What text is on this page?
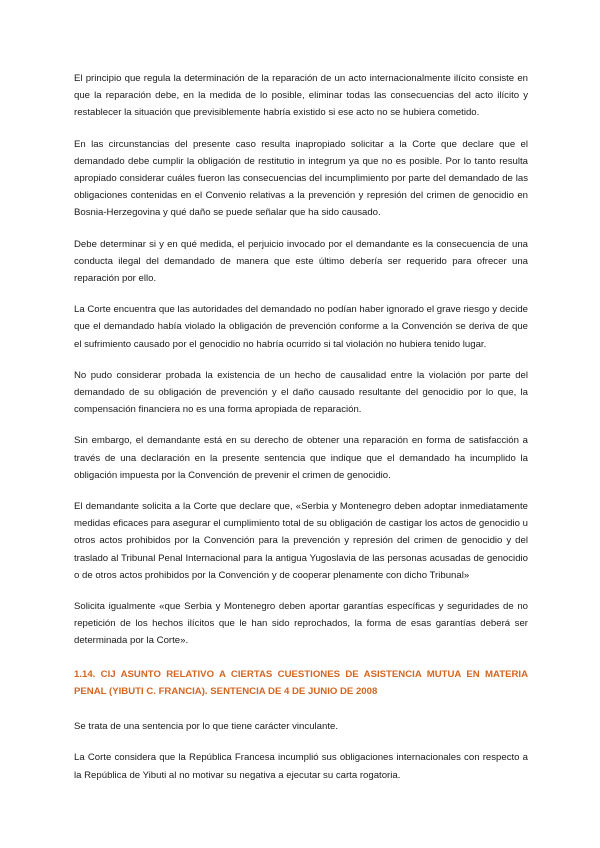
El principio que regula la determinación de la reparación de un acto internacionalmente ilícito consiste en que la reparación debe, en la medida de lo posible, eliminar todas las consecuencias del acto ilícito y restablecer la situación que previsiblemente habría existido si ese acto no se hubiera cometido.

En las circunstancias del presente caso resulta inapropiado solicitar a la Corte que declare que el demandado debe cumplir la obligación de restitutio in integrum ya que no es posible. Por lo tanto resulta apropiado considerar cuáles fueron las consecuencias del incumplimiento por parte del demandado de las obligaciones contenidas en el Convenio relativas a la prevención y represión del crimen de genocidio en Bosnia-Herzegovina y qué daño se puede señalar que ha sido causado.

Debe determinar si y en qué medida, el perjuicio invocado por el demandante es la consecuencia de una conducta ilegal del demandado de manera que este último debería ser requerido para ofrecer una reparación por ello.

La Corte encuentra que las autoridades del demandado no podían haber ignorado el grave riesgo y decide que el demandado había violado la obligación de prevención conforme a la Convención se deriva de que el sufrimiento causado por el genocidio no habría ocurrido si tal violación no hubiera tenido lugar.

No pudo considerar probada la existencia de un hecho de causalidad entre la violación por parte del demandado de su obligación de prevención y el daño causado resultante del genocidio por lo que, la compensación financiera no es una forma apropiada de reparación.

Sin embargo, el demandante está en su derecho de obtener una reparación en forma de satisfacción a través de una declaración en la presente sentencia que indique que el demandado ha incumplido la obligación impuesta por la Convención de prevenir el crimen de genocidio.

El demandante solicita a la Corte que declare que, «Serbia y Montenegro deben adoptar inmediatamente medidas eficaces para asegurar el cumplimiento total de su obligación de castigar los actos de genocidio u otros actos prohibidos por la Convención para la prevención y represión del crimen de genocidio y del traslado al Tribunal Penal Internacional para la antigua Yugoslavia de las personas acusadas de genocidio o de otros actos prohibidos por la Convención y de cooperar plenamente con dicho Tribunal»

Solicita igualmente «que Serbia y Montenegro deben aportar garantías específicas y seguridades de no repetición de los hechos ilícitos que le han sido reprochados, la forma de esas garantías deberá ser determinada por la Corte».

1.14. CIJ ASUNTO RELATIVO A CIERTAS CUESTIONES DE ASISTENCIA MUTUA EN MATERIA PENAL (YIBUTI C. FRANCIA). SENTENCIA DE 4 DE JUNIO DE 2008

Se trata de una sentencia por lo que tiene carácter vinculante.

La Corte considera que la República Francesa incumplió sus obligaciones internacionales con respecto a la República de Yibuti al no motivar su negativa a ejecutar su carta rogatoria.
